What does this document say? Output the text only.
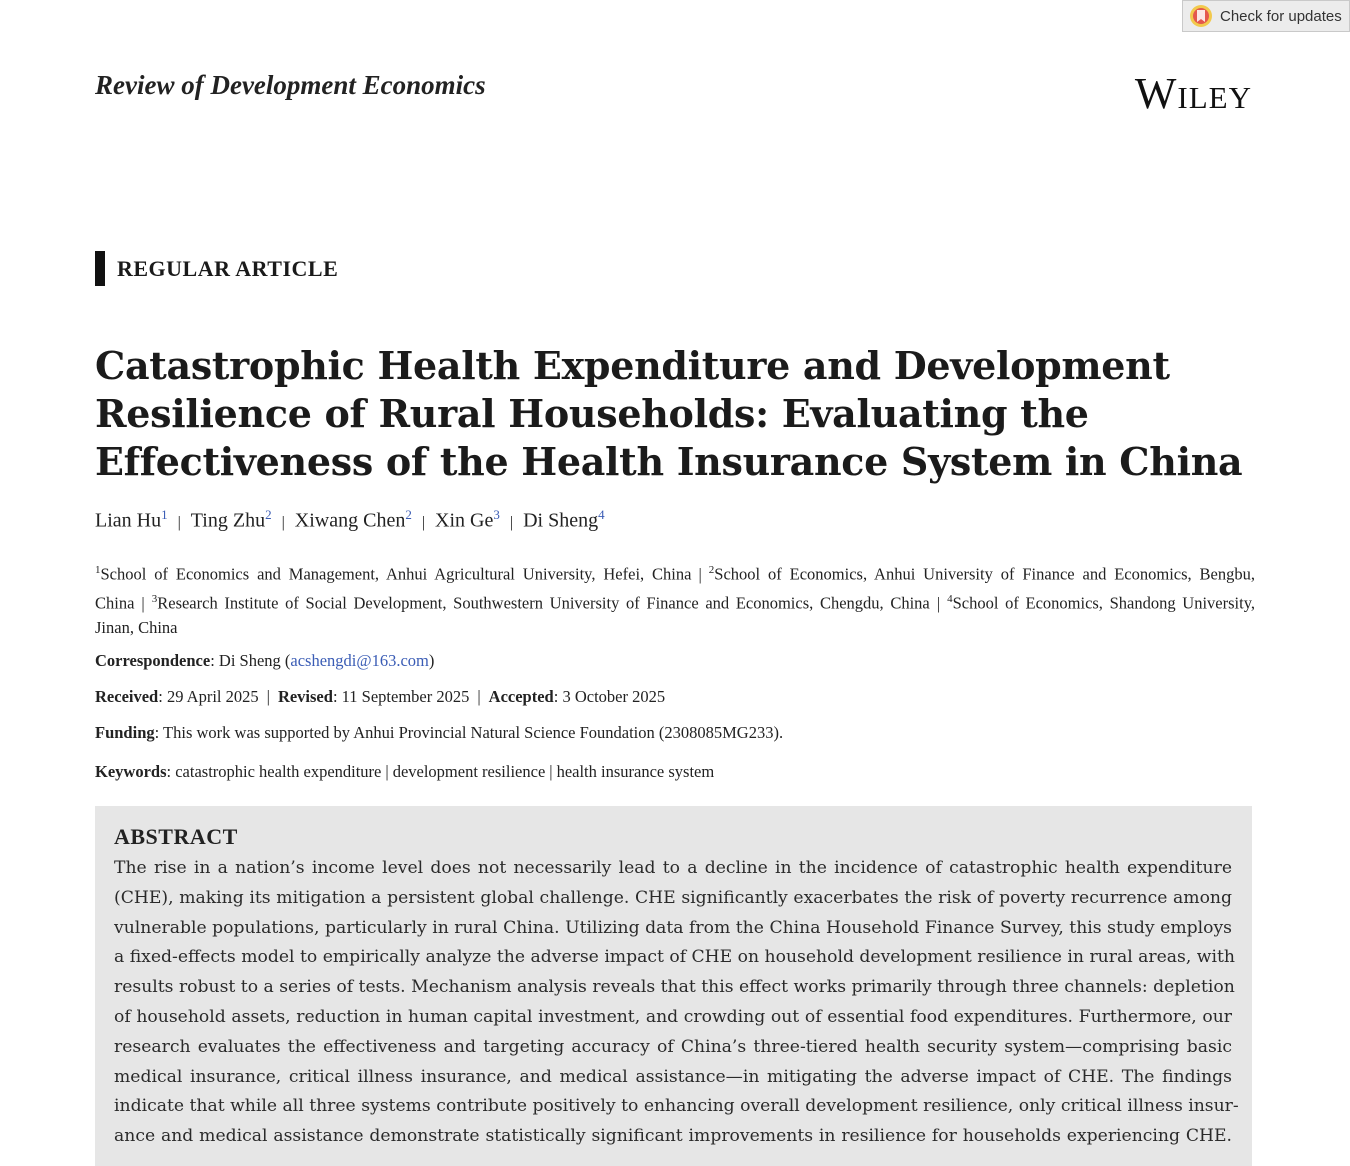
Check for updates
Review of Development Economics	Wiley
REGULAR ARTICLE
Catastrophic Health Expenditure and Development
Resilience of Rural Households: Evaluating the
Effectiveness of the Health Insurance System in China
Lian Hu$^1$ | Ting Zhu$^2$ | Xiwang Chen$^2$ | Xin Ge$^3$ | Di Sheng$^4$
$^1$School of Economics and Management, Anhui Agricultural University, Hefei, China | $^2$School of Economics, Anhui University of Finance and Economics, Bengbu, China | $^3$Research Institute of Social Development, Southwestern University of Finance and Economics, Chengdu, China | $^4$School of Economics, Shandong University, Jinan, China
Correspondence: Di Sheng (acshengdi@163.com)
Received: 29 April 2025 | Revised: 11 September 2025 | Accepted: 3 October 2025
Funding: This work was supported by Anhui Provincial Natural Science Foundation (2308085MG233).
Keywords: catastrophic health expenditure | development resilience | health insurance system
ABSTRACT

The rise in a nation’s income level does not necessarily lead to a decline in the incidence of catastrophic health expenditure
(CHE), making its mitigation a persistent global challenge. CHE significantly exacerbates the risk of poverty recurrence among
vulnerable populations, particularly in rural China. Utilizing data from the China Household Finance Survey, this study employs
a fixed-effects model to empirically analyze the adverse impact of CHE on household development resilience in rural areas, with
results robust to a series of tests. Mechanism analysis reveals that this effect works primarily through three channels: depletion
of household assets, reduction in human capital investment, and crowding out of essential food expenditures. Furthermore, our
research evaluates the effectiveness and targeting accuracy of China’s three-tiered health security system—comprising basic
medical insurance, critical illness insurance, and medical assistance—in mitigating the adverse impact of CHE. The findings
indicate that while all three systems contribute positively to enhancing overall development resilience, only critical illness insur-
ance and medical assistance demonstrate statistically significant improvements in resilience for households experiencing CHE.
